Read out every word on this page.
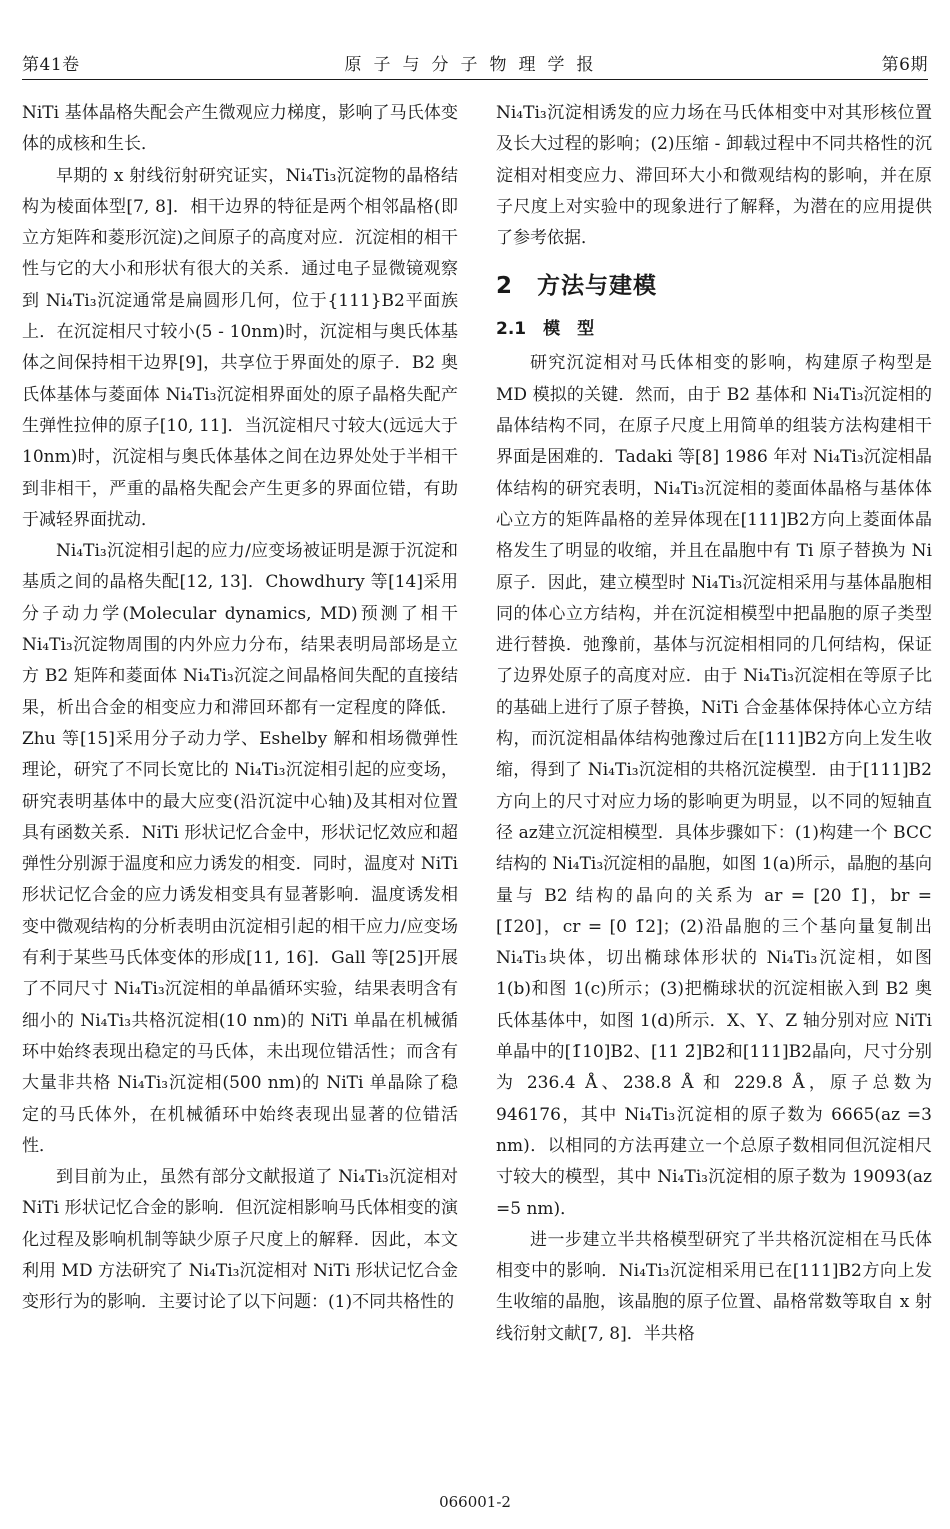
第41卷	原子与分子物理学报	第6期

NiTi 基体晶格失配会产生微观应力梯度，影响了马氏体变体的成核和生长．

早期的 x 射线衍射研究证实，Ni₄Ti₃沉淀物的晶格结构为棱面体型[7, 8]．相干边界的特征是两个相邻晶格(即立方矩阵和菱形沉淀)之间原子的高度对应．沉淀相的相干性与它的大小和形状有很大的关系．通过电子显微镜观察到 Ni₄Ti₃沉淀通常是扁圆形几何，位于{111}B2平面族上．在沉淀相尺寸较小(5 - 10nm)时，沉淀相与奥氏体基体之间保持相干边界[9]，共享位于界面处的原子．B2 奥氏体基体与菱面体 Ni₄Ti₃沉淀相界面处的原子晶格失配产生弹性拉伸的原子[10, 11]．当沉淀相尺寸较大(远远大于 10nm)时，沉淀相与奥氏体基体之间在边界处处于半相干到非相干，严重的晶格失配会产生更多的界面位错，有助于减轻界面扰动．

Ni₄Ti₃沉淀相引起的应力/应变场被证明是源于沉淀和基质之间的晶格失配[12, 13]．Chowdhury 等[14]采用分子动力学(Molecular dynamics, MD)预测了相干 Ni₄Ti₃沉淀物周围的内外应力分布，结果表明局部场是立方 B2 矩阵和菱面体 Ni₄Ti₃沉淀之间晶格间失配的直接结果，析出合金的相变应力和滞回环都有一定程度的降低．Zhu 等[15]采用分子动力学、Eshelby 解和相场微弹性理论，研究了不同长宽比的 Ni₄Ti₃沉淀相引起的应变场，研究表明基体中的最大应变(沿沉淀中心轴)及其相对位置具有函数关系．NiTi 形状记忆合金中，形状记忆效应和超弹性分别源于温度和应力诱发的相变．同时，温度对 NiTi 形状记忆合金的应力诱发相变具有显著影响．温度诱发相变中微观结构的分析表明由沉淀相引起的相干应力/应变场有利于某些马氏体变体的形成[11, 16]．Gall 等[25]开展了不同尺寸 Ni₄Ti₃沉淀相的单晶循环实验，结果表明含有细小的 Ni₄Ti₃共格沉淀相(10 nm)的 NiTi 单晶在机械循环中始终表现出稳定的马氏体，未出现位错活性；而含有大量非共格 Ni₄Ti₃沉淀相(500 nm)的 NiTi 单晶除了稳定的马氏体外，在机械循环中始终表现出显著的位错活性．

到目前为止，虽然有部分文献报道了 Ni₄Ti₃沉淀相对 NiTi 形状记忆合金的影响．但沉淀相影响马氏体相变的演化过程及影响机制等缺少原子尺度上的解释．因此，本文利用 MD 方法研究了 Ni₄Ti₃沉淀相对 NiTi 形状记忆合金变形行为的影响．主要讨论了以下问题：(1)不同共格性的

Ni₄Ti₃沉淀相诱发的应力场在马氏体相变中对其形核位置及长大过程的影响；(2)压缩 - 卸载过程中不同共格性的沉淀相对相变应力、滞回环大小和微观结构的影响，并在原子尺度上对实验中的现象进行了解释，为潜在的应用提供了参考依据．

2　方法与建模
2.1　模　型

研究沉淀相对马氏体相变的影响，构建原子构型是 MD 模拟的关键．然而，由于 B2 基体和 Ni₄Ti₃沉淀相的晶体结构不同，在原子尺度上用简单的组装方法构建相干界面是困难的．Tadaki 等[8] 1986 年对 Ni₄Ti₃沉淀相晶体结构的研究表明，Ni₄Ti₃沉淀相的菱面体晶格与基体体心立方的矩阵晶格的差异体现在[111]B2方向上菱面体晶格发生了明显的收缩，并且在晶胞中有 Ti 原子替换为 Ni 原子．因此，建立模型时 Ni₄Ti₃沉淀相采用与基体晶胞相同的体心立方结构，并在沉淀相模型中把晶胞的原子类型进行替换．弛豫前，基体与沉淀相相同的几何结构，保证了边界处原子的高度对应．由于 Ni₄Ti₃沉淀相在等原子比的基础上进行了原子替换，NiTi 合金基体保持体心立方结构，而沉淀相晶体结构弛豫过后在[111]B2方向上发生收缩，得到了 Ni₄Ti₃沉淀相的共格沉淀模型．由于[111]B2方向上的尺寸对应力场的影响更为明显，以不同的短轴直径 az建立沉淀相模型．具体步骤如下：(1)构建一个 BCC 结构的 Ni₄Ti₃沉淀相的晶胞，如图 1(a)所示，晶胞的基向量与 B2 结构的晶向的关系为 ar = [20 1̄]，br = [1̄20]，cr = [0 1̄2]；(2)沿晶胞的三个基向量复制出 Ni₄Ti₃块体，切出椭球体形状的 Ni₄Ti₃沉淀相，如图 1(b)和图 1(c)所示；(3)把椭球状的沉淀相嵌入到 B2 奥氏体基体中，如图 1(d)所示．X、Y、Z 轴分别对应 NiTi 单晶中的[1̄10]B2、[11 2̄]B2和[111]B2晶向，尺寸分别为 236.4 Å、238.8 Å 和 229.8 Å，原子总数为 946176，其中 Ni₄Ti₃沉淀相的原子数为 6665(az =3 nm)．以相同的方法再建立一个总原子数相同但沉淀相尺寸较大的模型，其中 Ni₄Ti₃沉淀相的原子数为 19093(az =5 nm)．

进一步建立半共格模型研究了半共格沉淀相在马氏体相变中的影响．Ni₄Ti₃沉淀相采用已在[111]B2方向上发生收缩的晶胞，该晶胞的原子位置、晶格常数等取自 x 射线衍射文献[7, 8]．半共格

066001-2
